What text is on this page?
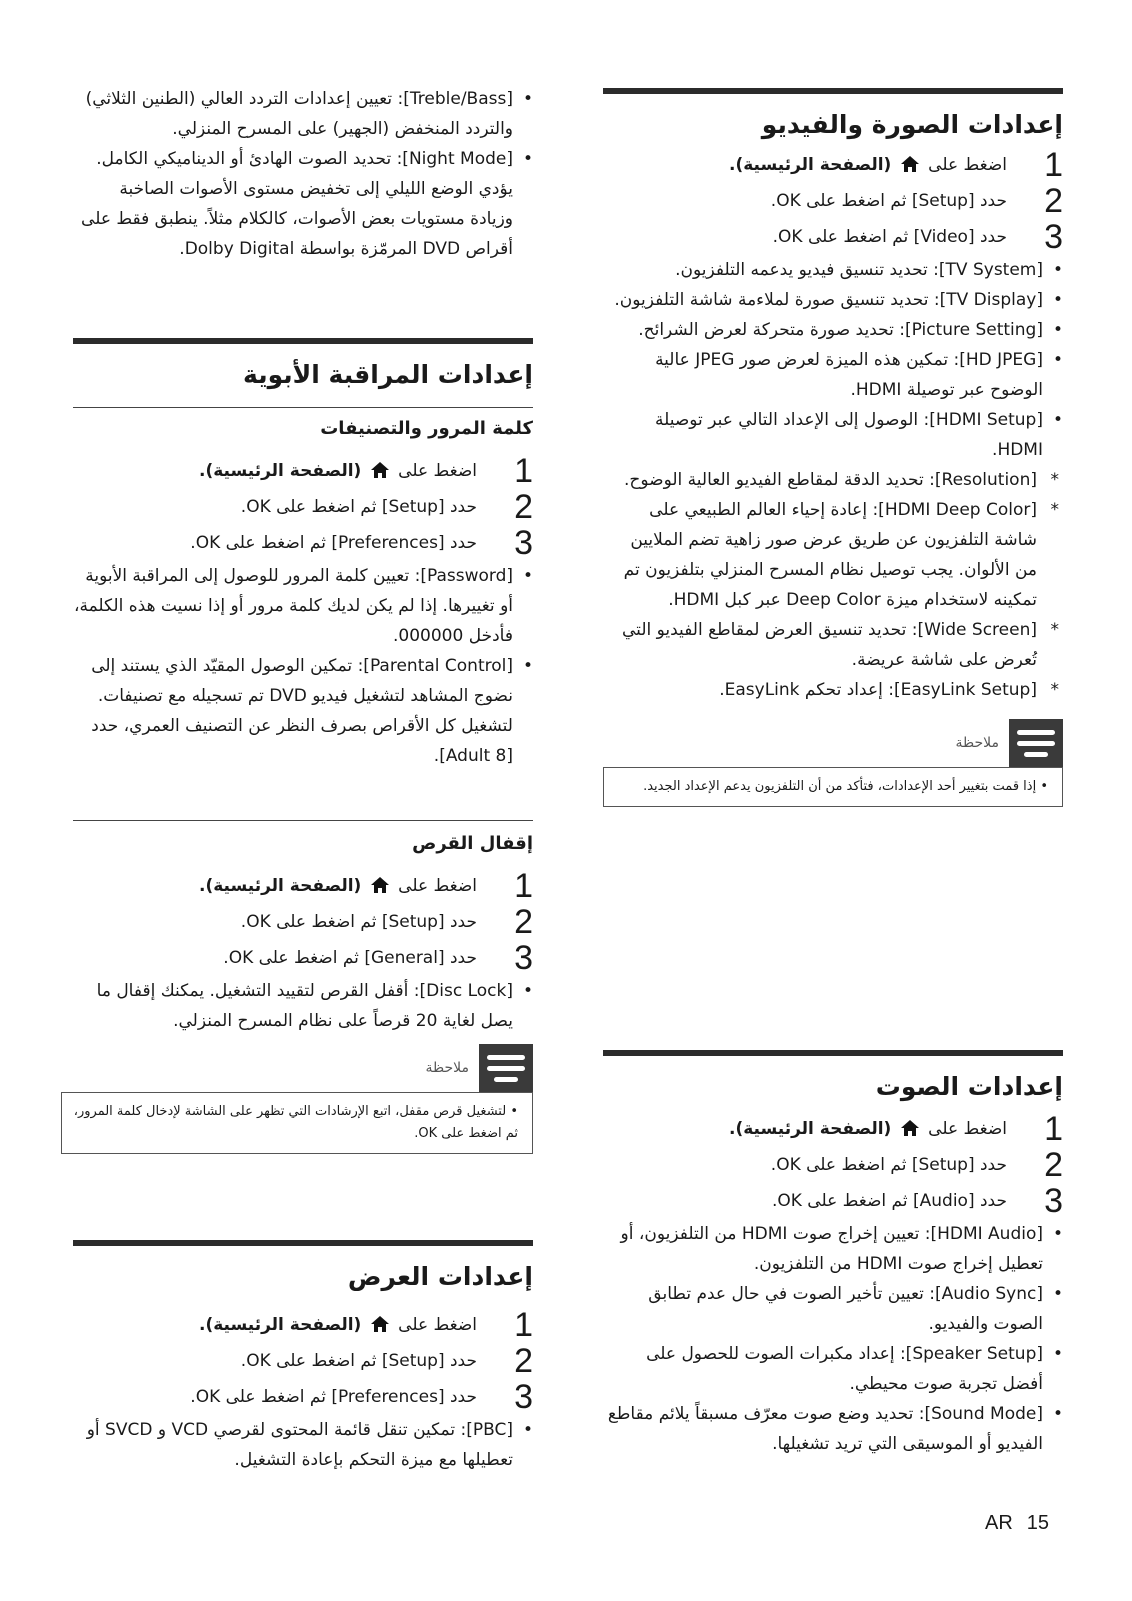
إعدادات الصورة والفيديو
1
اضغط على  (الصفحة الرئيسية).
2
حدد [Setup] ثم اضغط على OK.
3
حدد [Video] ثم اضغط على OK.
•
[TV System]: تحديد تنسيق فيديو يدعمه التلفزيون.
•
[TV Display]: تحديد تنسيق صورة لملاءمة شاشة التلفزيون.
•
[Picture Setting]: تحديد صورة متحركة لعرض الشرائح.
•
[HD JPEG]: تمكين هذه الميزة لعرض صور JPEG عالية الوضوح عبر توصيلة HDMI.
•
[HDMI Setup]: الوصول إلى الإعداد التالي عبر توصيلة HDMI.
*
[Resolution]: تحديد الدقة لمقاطع الفيديو العالية الوضوح.
*
[HDMI Deep Color]: إعادة إحياء العالم الطبيعي على شاشة التلفزيون عن طريق عرض صور زاهية تضم الملايين من الألوان. يجب توصيل نظام المسرح المنزلي بتلفزيون تم تمكينه لاستخدام ميزة Deep Color عبر كبل HDMI.
*
[Wide Screen]: تحديد تنسيق العرض لمقاطع الفيديو التي تُعرض على شاشة عريضة.
*
[EasyLink Setup]: إعداد تحكم EasyLink.
ملاحظة
• إذا قمت بتغيير أحد الإعدادات، فتأكد من أن التلفزيون يدعم الإعداد الجديد.
إعدادات الصوت
1
اضغط على  (الصفحة الرئيسية).
2
حدد [Setup] ثم اضغط على OK.
3
حدد [Audio] ثم اضغط على OK.
•
[HDMI Audio]: تعيين إخراج صوت HDMI من التلفزيون، أو تعطيل إخراج صوت HDMI من التلفزيون.
•
[Audio Sync]: تعيين تأخير الصوت في حال عدم تطابق الصوت والفيديو.
•
[Speaker Setup]: إعداد مكبرات الصوت للحصول على أفضل تجربة صوت محيطي.
•
[Sound Mode]: تحديد وضع صوت معرّف مسبقاً يلائم مقاطع الفيديو أو الموسيقى التي تريد تشغيلها.
•
[Treble/Bass]: تعيين إعدادات التردد العالي (الطنين الثلاثي) والتردد المنخفض (الجهير) على المسرح المنزلي.
•
[Night Mode]: تحديد الصوت الهادئ أو الديناميكي الكامل. يؤدي الوضع الليلي إلى تخفيض مستوى الأصوات الصاخبة وزيادة مستويات بعض الأصوات، كالكلام مثلاً. ينطبق فقط على أقراص DVD المرمّزة بواسطة Dolby Digital.
إعدادات المراقبة الأبوية
كلمة المرور والتصنيفات
1
اضغط على  (الصفحة الرئيسية).
2
حدد [Setup] ثم اضغط على OK.
3
حدد [Preferences] ثم اضغط على OK.
•
[Password]: تعيين كلمة المرور للوصول إلى المراقبة الأبوية أو تغييرها. إذا لم يكن لديك كلمة مرور أو إذا نسيت هذه الكلمة، فأدخل 000000.
•
[Parental Control]: تمكين الوصول المقيّد الذي يستند إلى نضوج المشاهد لتشغيل فيديو DVD تم تسجيله مع تصنيفات. لتشغيل كل الأقراص بصرف النظر عن التصنيف العمري، حدد [Adult 8].
إقفال القرص
1
اضغط على  (الصفحة الرئيسية).
2
حدد [Setup] ثم اضغط على OK.
3
حدد [General] ثم اضغط على OK.
•
[Disc Lock]: أقفل القرص لتقييد التشغيل. يمكنك إقفال ما يصل لغاية 20 قرصاً على نظام المسرح المنزلي.
ملاحظة
• لتشغيل قرص مقفل، اتبع الإرشادات التي تظهر على الشاشة لإدخال كلمة المرور، ثم اضغط على OK.
إعدادات العرض
1
اضغط على  (الصفحة الرئيسية).
2
حدد [Setup] ثم اضغط على OK.
3
حدد [Preferences] ثم اضغط على OK.
•
[PBC]: تمكين تنقل قائمة المحتوى لقرصي VCD و SVCD أو تعطيلها مع ميزة التحكم بإعادة التشغيل.
AR 15
